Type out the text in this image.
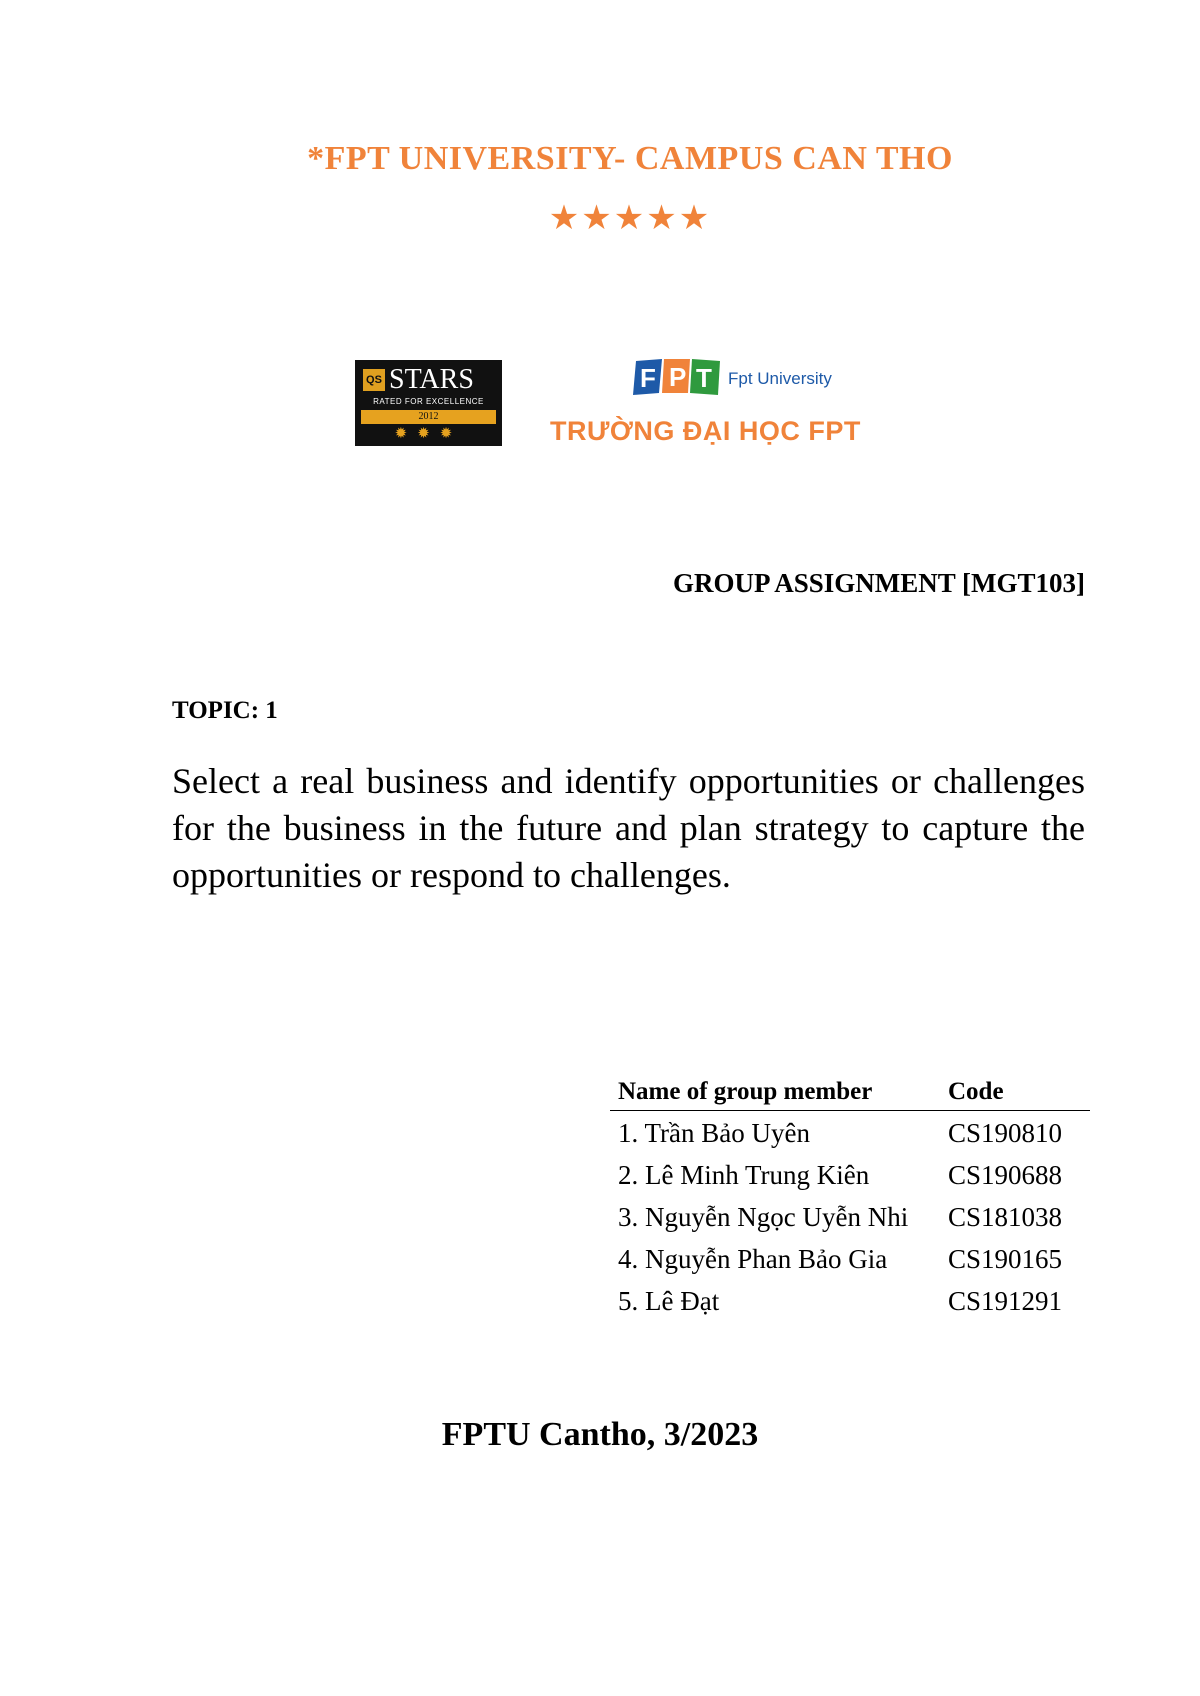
*FPT UNIVERSITY- CAMPUS CAN THO
★★★★★
QS STARS
RATED FOR EXCELLENCE
2012
✹✹✹
F P T Fpt University
TRƯỜNG ĐẠI HỌC FPT
GROUP ASSIGNMENT [MGT103]
TOPIC: 1
Select a real business and identify opportunities or challenges for the business in the future and plan strategy to capture the opportunities or respond to challenges.
Name of group member	Code
1. Trần Bảo Uyên	CS190810
2. Lê Minh Trung Kiên	CS190688
3. Nguyễn Ngọc Uyễn Nhi	CS181038
4. Nguyễn Phan Bảo Gia	CS190165
5. Lê Đạt	CS191291
FPTU Cantho, 3/2023
